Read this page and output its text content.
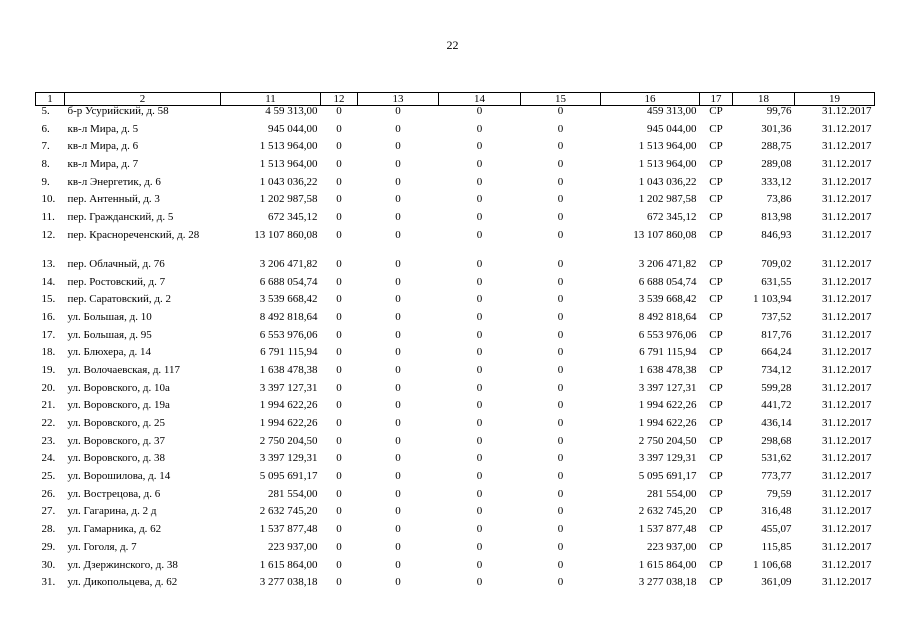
22
1	2	11	12	13	14	15	16	17	18	19
5.	б-р Усурийский, д. 58	4 59 313,00	0	0	0	0	459 313,00	СР	99,76	31.12.2017
6.	кв-л Мира, д. 5	945 044,00	0	0	0	0	945 044,00	СР	301,36	31.12.2017
7.	кв-л Мира, д. 6	1 513 964,00	0	0	0	0	1 513 964,00	СР	288,75	31.12.2017
8.	кв-л Мира, д. 7	1 513 964,00	0	0	0	0	1 513 964,00	СР	289,08	31.12.2017
9.	кв-л Энергетик, д. 6	1 043 036,22	0	0	0	0	1 043 036,22	СР	333,12	31.12.2017
10.	пер. Антенный, д. 3	1 202 987,58	0	0	0	0	1 202 987,58	СР	73,86	31.12.2017
11.	пер. Гражданский, д. 5	672 345,12	0	0	0	0	672 345,12	СР	813,98	31.12.2017
12.	пер. Краснореченский, д. 28	13 107 860,08	0	0	0	0	13 107 860,08	СР	846,93	31.12.2017
13.	пер. Облачный, д. 76	3 206 471,82	0	0	0	0	3 206 471,82	СР	709,02	31.12.2017
14.	пер. Ростовский, д. 7	6 688 054,74	0	0	0	0	6 688 054,74	СР	631,55	31.12.2017
15.	пер. Саратовский, д. 2	3 539 668,42	0	0	0	0	3 539 668,42	СР	1 103,94	31.12.2017
16.	ул. Большая, д. 10	8 492 818,64	0	0	0	0	8 492 818,64	СР	737,52	31.12.2017
17.	ул. Большая, д. 95	6 553 976,06	0	0	0	0	6 553 976,06	СР	817,76	31.12.2017
18.	ул. Блюхера, д. 14	6 791 115,94	0	0	0	0	6 791 115,94	СР	664,24	31.12.2017
19.	ул. Волочаевская, д. 117	1 638 478,38	0	0	0	0	1 638 478,38	СР	734,12	31.12.2017
20.	ул. Воровского, д. 10а	3 397 127,31	0	0	0	0	3 397 127,31	СР	599,28	31.12.2017
21.	ул. Воровского, д. 19а	1 994 622,26	0	0	0	0	1 994 622,26	СР	441,72	31.12.2017
22.	ул. Воровского, д. 25	1 994 622,26	0	0	0	0	1 994 622,26	СР	436,14	31.12.2017
23.	ул. Воровского, д. 37	2 750 204,50	0	0	0	0	2 750 204,50	СР	298,68	31.12.2017
24.	ул. Воровского, д. 38	3 397 129,31	0	0	0	0	3 397 129,31	СР	531,62	31.12.2017
25.	ул. Ворошилова, д. 14	5 095 691,17	0	0	0	0	5 095 691,17	СР	773,77	31.12.2017
26.	ул. Вострецова, д. 6	281 554,00	0	0	0	0	281 554,00	СР	79,59	31.12.2017
27.	ул. Гагарина, д. 2 д	2 632 745,20	0	0	0	0	2 632 745,20	СР	316,48	31.12.2017
28.	ул. Гамарника, д. 62	1 537 877,48	0	0	0	0	1 537 877,48	СР	455,07	31.12.2017
29.	ул. Гоголя, д. 7	223 937,00	0	0	0	0	223 937,00	СР	115,85	31.12.2017
30.	ул. Дзержинского, д. 38	1 615 864,00	0	0	0	0	1 615 864,00	СР	1 106,68	31.12.2017
31.	ул. Дикопольцева, д. 62	3 277 038,18	0	0	0	0	3 277 038,18	СР	361,09	31.12.2017
